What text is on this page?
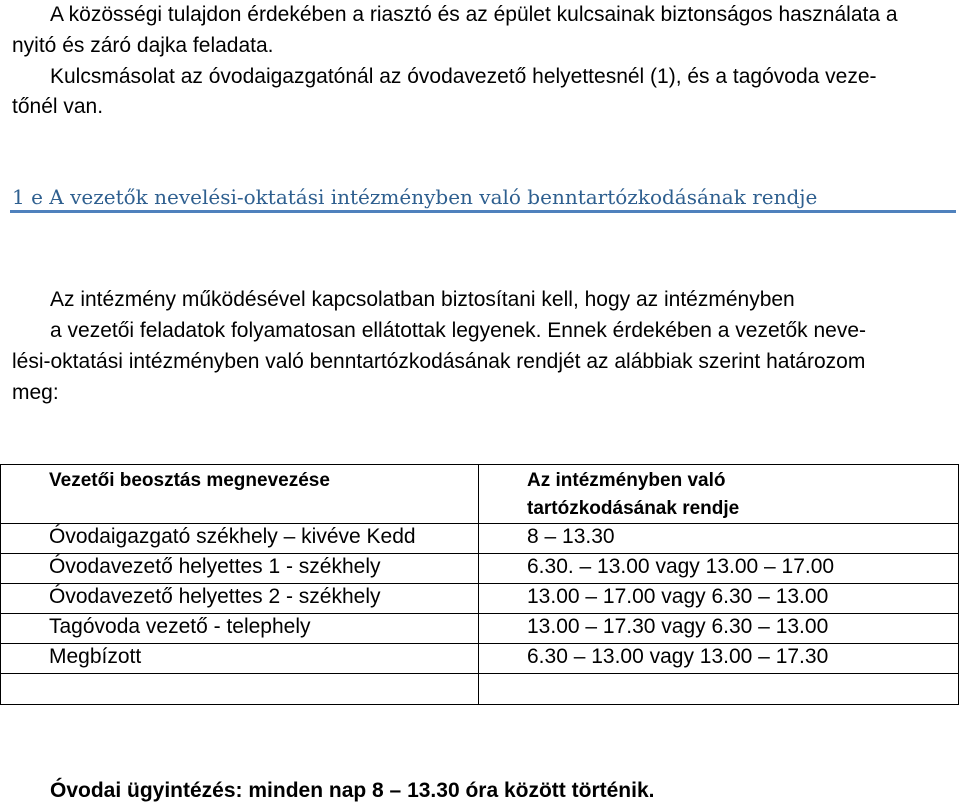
A közösségi tulajdon érdekében a riasztó és az épület kulcsainak biztonságos használata a
nyitó és záró dajka feladata.
Kulcsmásolat az óvodaigazgatónál az óvodavezető helyettesnél (1), és a tagóvoda veze-
tőnél van.
1 e A vezetők nevelési-oktatási intézményben való benntartózkodásának rendje
Az intézmény működésével kapcsolatban biztosítani kell, hogy az intézményben
a vezetői feladatok folyamatosan ellátottak legyenek. Ennek érdekében a vezetők neve-
lési-oktatási intézményben való benntartózkodásának rendjét az alábbiak szerint határozom
meg:
Vezetői beosztás megnevezése	Az intézményben való
tartózkodásának rendje

Óvodaigazgató székhely – kivéve Kedd	8 – 13.30
Óvodavezető helyettes 1 - székhely	6.30. – 13.00 vagy 13.00 – 17.00
Óvodavezető helyettes 2 - székhely	13.00 – 17.00 vagy 6.30 – 13.00
Tagóvoda vezető - telephely	13.00 – 17.30 vagy 6.30 – 13.00
Megbízott	6.30 – 13.00 vagy 13.00 – 17.30

Óvodai ügyintézés: minden nap 8 – 13.30 óra között történik.
